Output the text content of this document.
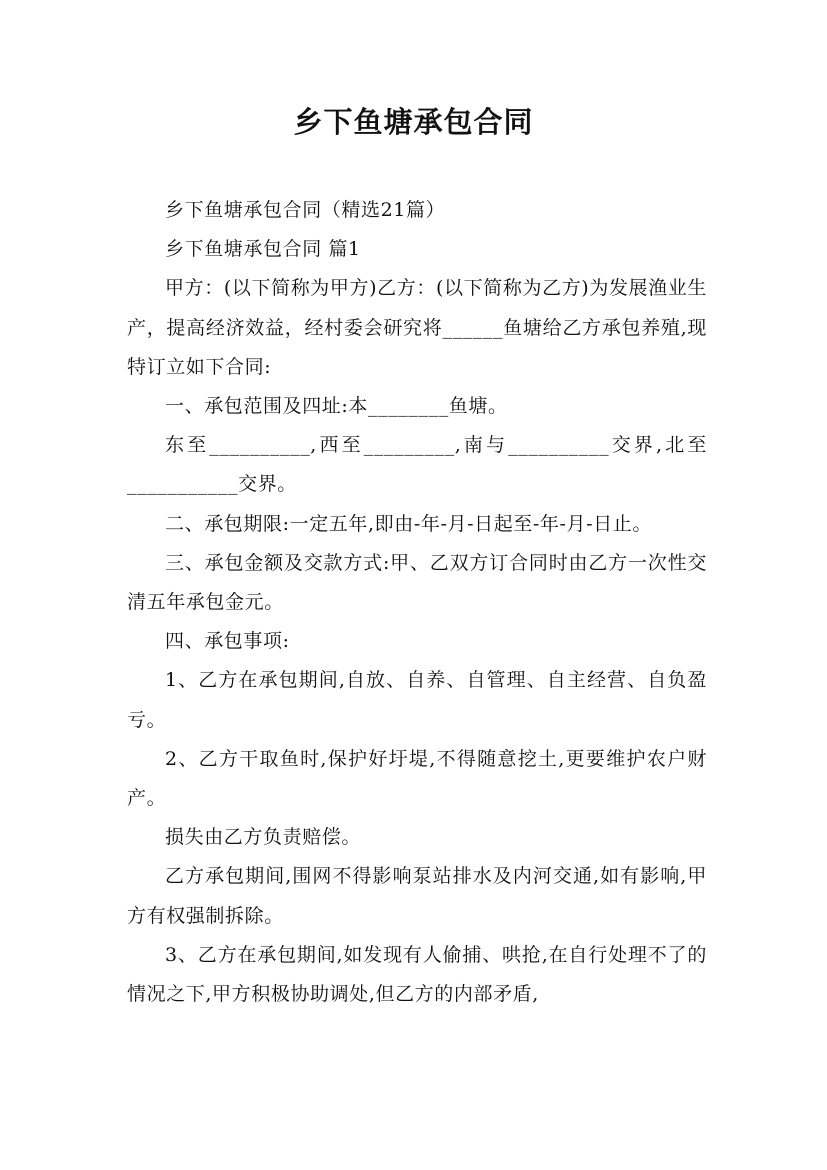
乡下鱼塘承包合同

乡下鱼塘承包合同（精选21篇）

乡下鱼塘承包合同 篇1

甲方：(以下简称为甲方)乙方：(以下简称为乙方)为发展渔业生产，提高经济效益，经村委会研究将______鱼塘给乙方承包养殖,现特订立如下合同:

一、承包范围及四址:本________鱼塘。

东至__________,西至_________,南与__________交界,北至___________交界。

二、承包期限:一定五年,即由-年-月-日起至-年-月-日止。

三、承包金额及交款方式:甲、乙双方订合同时由乙方一次性交清五年承包金元。

四、承包事项:

1、乙方在承包期间,自放、自养、自管理、自主经营、自负盈亏。

2、乙方干取鱼时,保护好圩堤,不得随意挖土,更要维护农户财产。

损失由乙方负责赔偿。

乙方承包期间,围网不得影响泵站排水及内河交通,如有影响,甲方有权强制拆除。

3、乙方在承包期间,如发现有人偷捕、哄抢,在自行处理不了的情况之下,甲方积极协助调处,但乙方的内部矛盾,
